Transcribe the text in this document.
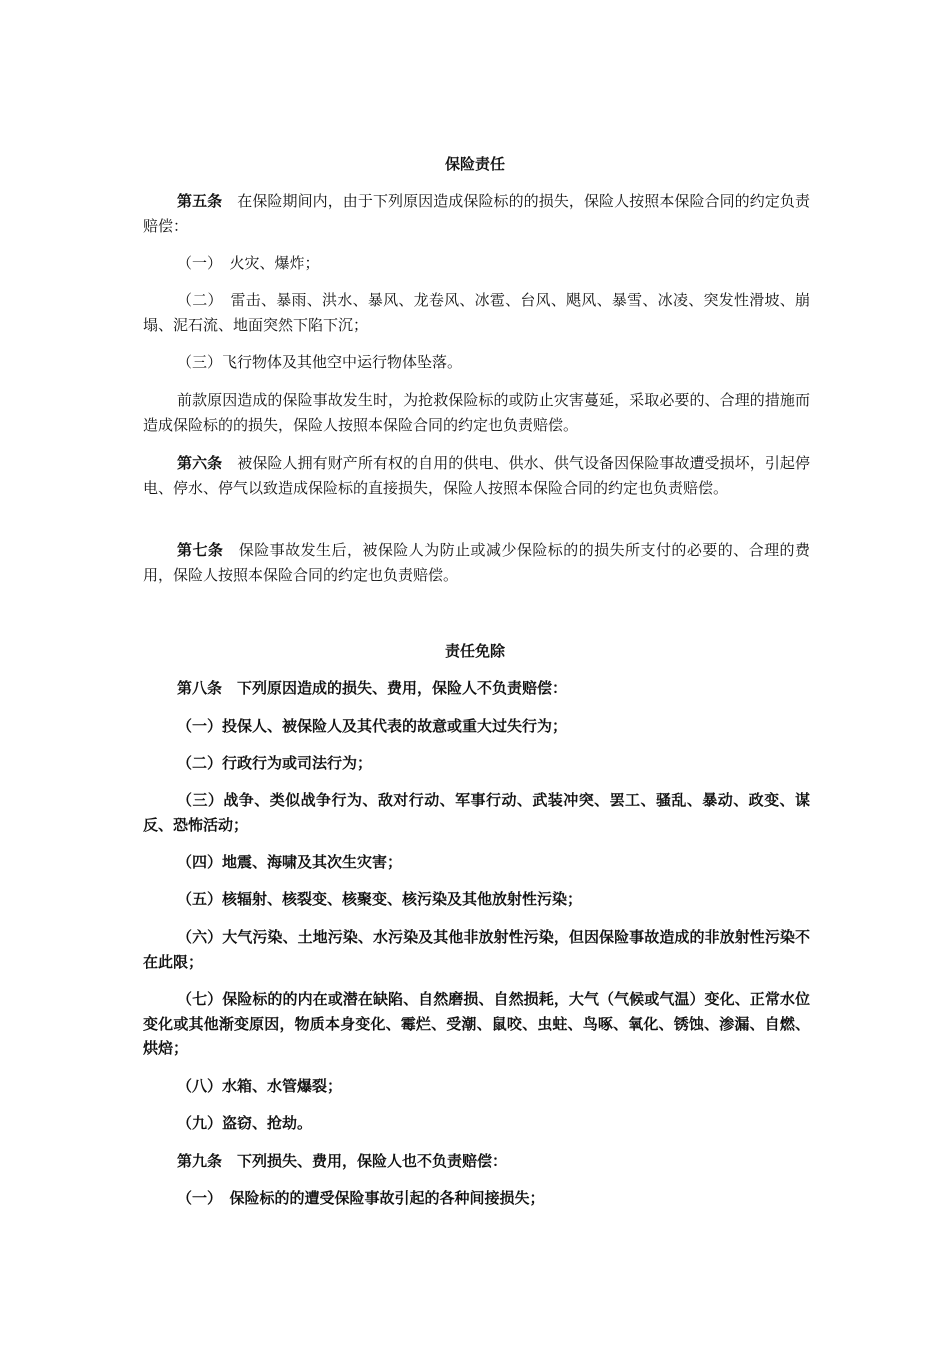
保险责任

第五条　在保险期间内，由于下列原因造成保险标的的损失，保险人按照本保险合同的约定负责赔偿：

（一）　火灾、爆炸；

（二）　雷击、暴雨、洪水、暴风、龙卷风、冰雹、台风、飓风、暴雪、冰凌、突发性滑坡、崩塌、泥石流、地面突然下陷下沉；

（三）飞行物体及其他空中运行物体坠落。

前款原因造成的保险事故发生时，为抢救保险标的或防止灾害蔓延，采取必要的、合理的措施而造成保险标的的损失，保险人按照本保险合同的约定也负责赔偿。

第六条　被保险人拥有财产所有权的自用的供电、供水、供气设备因保险事故遭受损坏，引起停电、停水、停气以致造成保险标的直接损失，保险人按照本保险合同的约定也负责赔偿。

第七条　保险事故发生后，被保险人为防止或减少保险标的的损失所支付的必要的、合理的费用，保险人按照本保险合同的约定也负责赔偿。

责任免除

第八条　下列原因造成的损失、费用，保险人不负责赔偿：

（一）投保人、被保险人及其代表的故意或重大过失行为；

（二）行政行为或司法行为；

（三）战争、类似战争行为、敌对行动、军事行动、武装冲突、罢工、骚乱、暴动、政变、谋反、恐怖活动；

（四）地震、海啸及其次生灾害；

（五）核辐射、核裂变、核聚变、核污染及其他放射性污染；

（六）大气污染、土地污染、水污染及其他非放射性污染，但因保险事故造成的非放射性污染不在此限；

（七）保险标的的内在或潜在缺陷、自然磨损、自然损耗，大气（气候或气温）变化、正常水位变化或其他渐变原因，物质本身变化、霉烂、受潮、鼠咬、虫蛀、鸟啄、氧化、锈蚀、渗漏、自燃、烘焙；

（八）水箱、水管爆裂；

（九）盗窃、抢劫。

第九条　下列损失、费用，保险人也不负责赔偿：

（一）　保险标的的遭受保险事故引起的各种间接损失；
